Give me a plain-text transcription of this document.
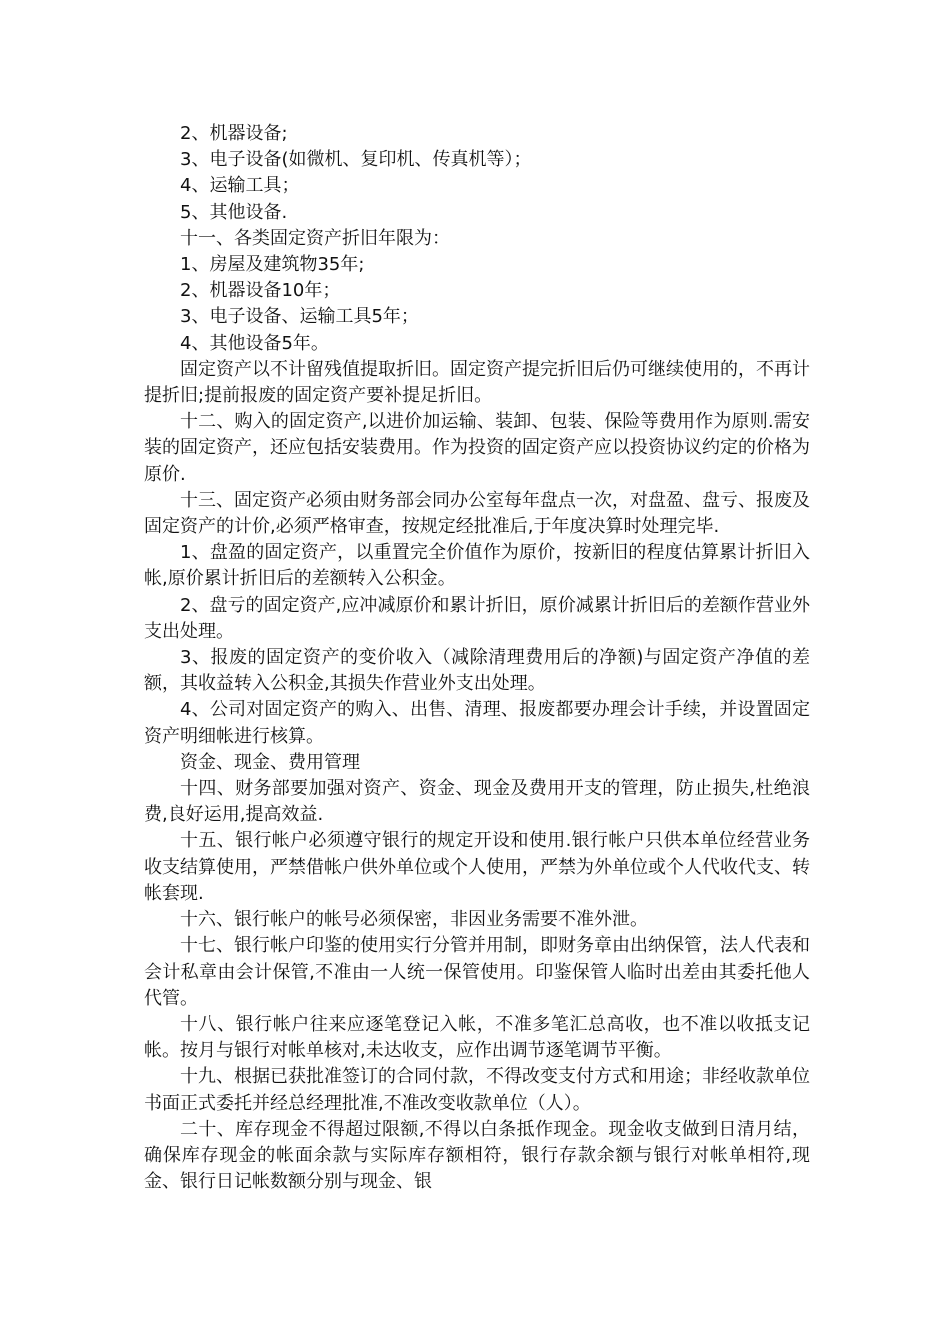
2、机器设备;

3、电子设备(如微机、复印机、传真机等）；

4、运输工具；

5、其他设备.

十一、各类固定资产折旧年限为：

1、房屋及建筑物35年;

2、机器设备10年；

3、电子设备、运输工具5年；

4、其他设备5年。

固定资产以不计留残值提取折旧。固定资产提完折旧后仍可继续使用的，不再计提折旧;提前报废的固定资产要补提足折旧。

十二、购入的固定资产,以进价加运输、装卸、包装、保险等费用作为原则.需安装的固定资产，还应包括安装费用。作为投资的固定资产应以投资协议约定的价格为原价.

十三、固定资产必须由财务部会同办公室每年盘点一次，对盘盈、盘亏、报废及固定资产的计价,必须严格审查，按规定经批准后,于年度决算时处理完毕.

1、盘盈的固定资产，以重置完全价值作为原价，按新旧的程度估算累计折旧入帐,原价累计折旧后的差额转入公积金。

2、盘亏的固定资产,应冲减原价和累计折旧，原价减累计折旧后的差额作营业外支出处理。

3、报废的固定资产的变价收入（减除清理费用后的净额)与固定资产净值的差额，其收益转入公积金,其损失作营业外支出处理。

4、公司对固定资产的购入、出售、清理、报废都要办理会计手续，并设置固定资产明细帐进行核算。

资金、现金、费用管理

十四、财务部要加强对资产、资金、现金及费用开支的管理，防止损失,杜绝浪费,良好运用,提高效益.

十五、银行帐户必须遵守银行的规定开设和使用.银行帐户只供本单位经营业务收支结算使用，严禁借帐户供外单位或个人使用，严禁为外单位或个人代收代支、转帐套现.

十六、银行帐户的帐号必须保密，非因业务需要不准外泄。

十七、银行帐户印鉴的使用实行分管并用制，即财务章由出纳保管，法人代表和会计私章由会计保管,不准由一人统一保管使用。印鉴保管人临时出差由其委托他人代管。

十八、银行帐户往来应逐笔登记入帐，不准多笔汇总高收，也不准以收抵支记帐。按月与银行对帐单核对,未达收支，应作出调节逐笔调节平衡。

十九、根据已获批准签订的合同付款，不得改变支付方式和用途；非经收款单位书面正式委托并经总经理批准,不准改变收款单位（人）。

二十、库存现金不得超过限额,不得以白条抵作现金。现金收支做到日清月结，确保库存现金的帐面余款与实际库存额相符，银行存款余额与银行对帐单相符,现金、银行日记帐数额分别与现金、银
